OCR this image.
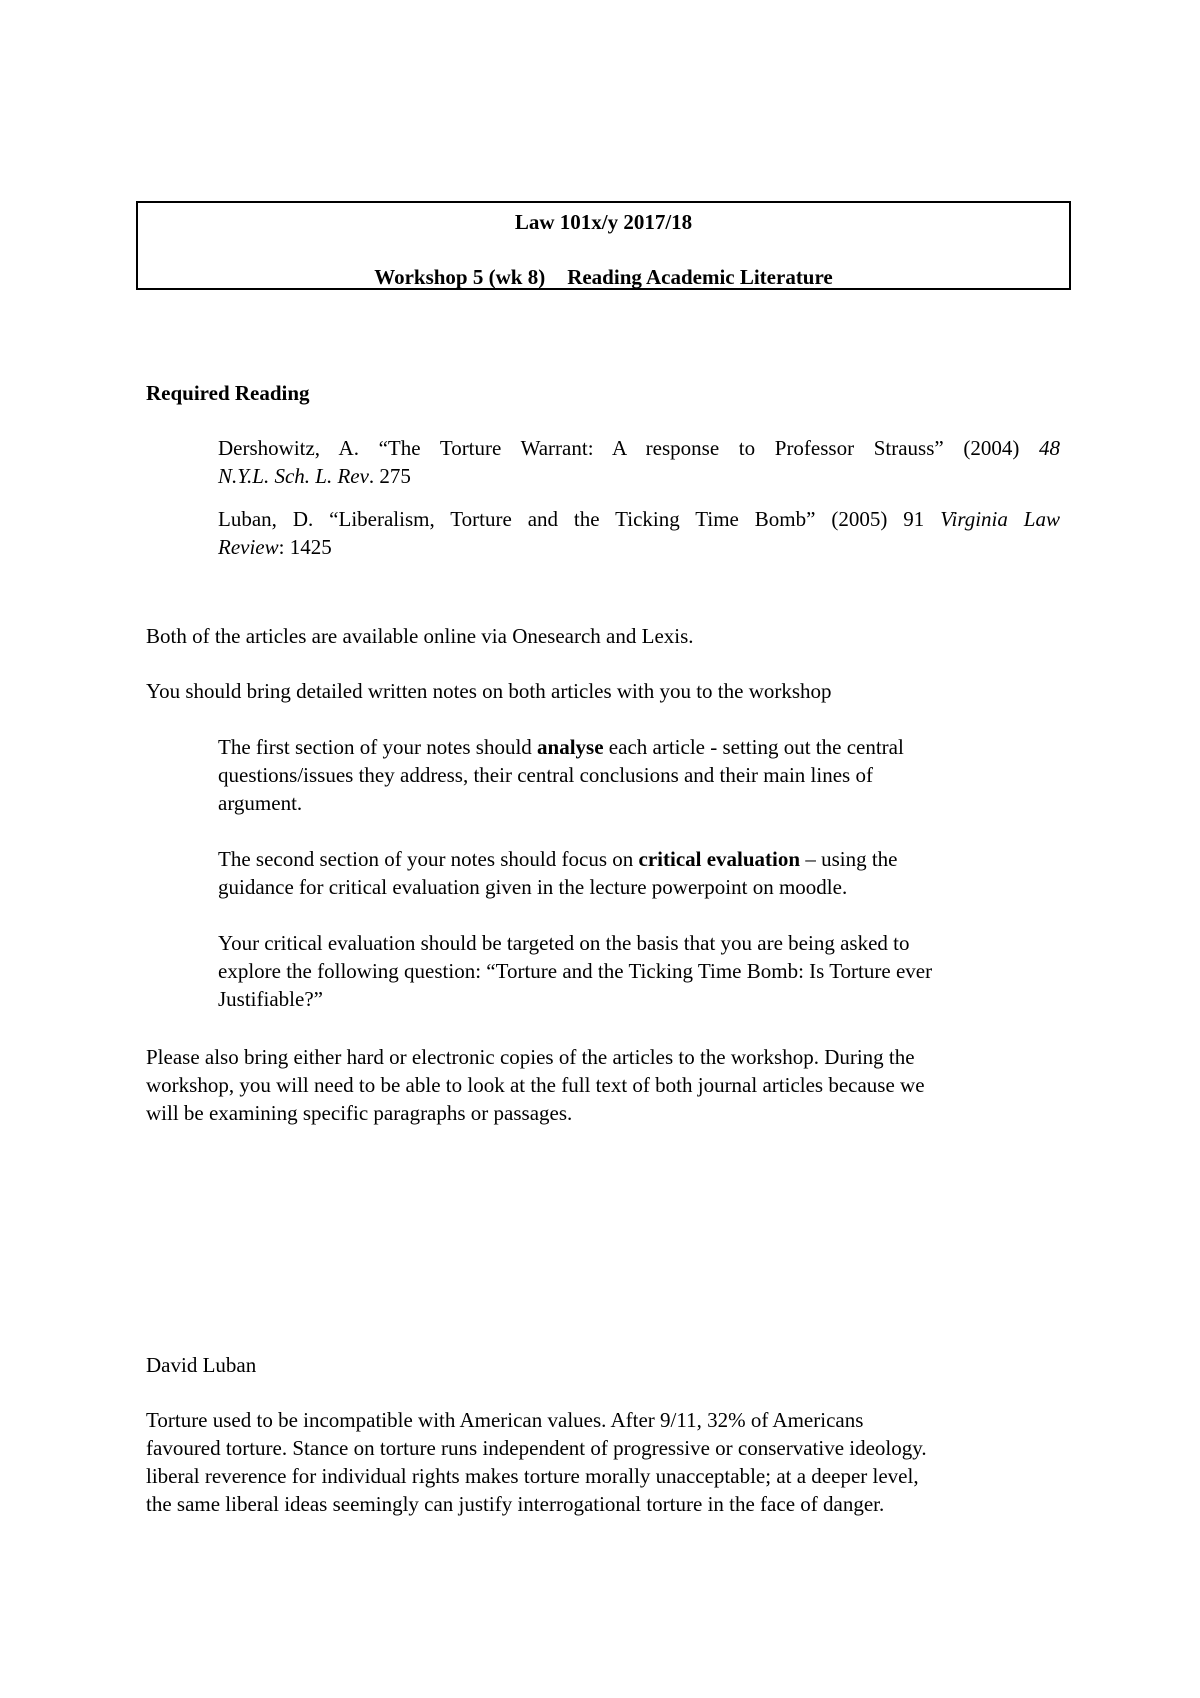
Law 101x/y 2017/18
Workshop 5 (wk 8) Reading Academic Literature
Required Reading
Dershowitz, A. “The Torture Warrant: A response to Professor Strauss” (2004) 48
N.Y.L. Sch. L. Rev. 275
Luban, D. “Liberalism, Torture and the Ticking Time Bomb” (2005) 91 Virginia Law
Review: 1425
Both of the articles are available online via Onesearch and Lexis.
You should bring detailed written notes on both articles with you to the workshop
The first section of your notes should analyse each article - setting out the central
questions/issues they address, their central conclusions and their main lines of
argument.
The second section of your notes should focus on critical evaluation – using the
guidance for critical evaluation given in the lecture powerpoint on moodle.
Your critical evaluation should be targeted on the basis that you are being asked to
explore the following question: “Torture and the Ticking Time Bomb: Is Torture ever
Justifiable?”
Please also bring either hard or electronic copies of the articles to the workshop. During the
workshop, you will need to be able to look at the full text of both journal articles because we
will be examining specific paragraphs or passages.
David Luban
Torture used to be incompatible with American values. After 9/11, 32% of Americans
favoured torture. Stance on torture runs independent of progressive or conservative ideology.
liberal reverence for individual rights makes torture morally unacceptable; at a deeper level,
the same liberal ideas seemingly can justify interrogational torture in the face of danger.
